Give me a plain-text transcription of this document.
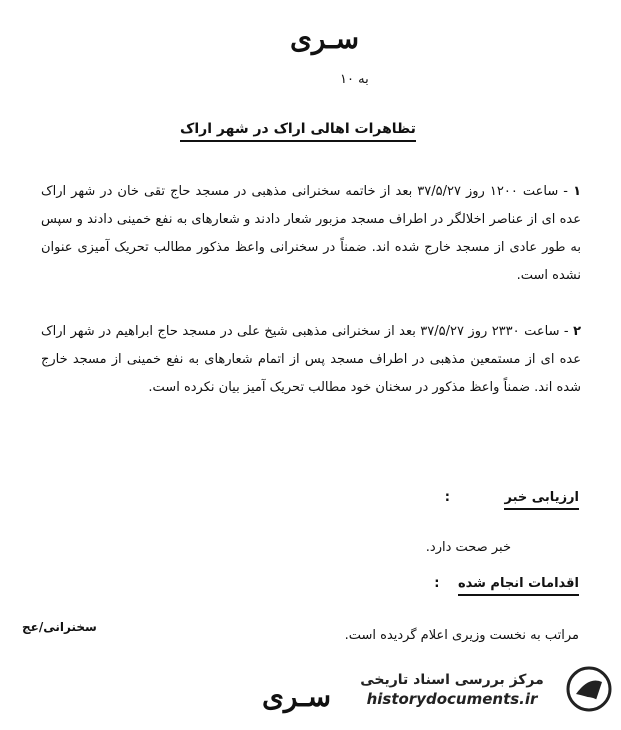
سـری
به ۱۰
تظاهرات اهالی اراک در شهر اراک
۱ - ساعت ۱۲۰۰ روز ۳۷/۵/۲۷ بعد از خاتمه سخنرانی مذهبی در مسجد حاج تقی خان در شهر اراک عده ای از عناصر اخلالگر در اطراف مسجد مزبور شعار دادند و شعارهای به نفع خمینی دادند و سپس به طور عادی از مسجد خارج شده اند. ضمناً در سخنرانی واعظ مذکور مطالب تحریک آمیزی عنوان نشده است.
۲ - ساعت ۲۳۳۰ روز ۳۷/۵/۲۷ بعد از سخنرانی مذهبی شیخ علی در مسجد حاج ابراهیم در شهر اراک عده ای از مستمعین مذهبی در اطراف مسجد پس از اتمام شعارهای به نفع خمینی از مسجد خارج شده اند. ضمناً واعظ مذکور در سخنان خود مطالب تحریک آمیز بیان نکرده است.
ارزیابی خبر :
خبر صحت دارد.
اقدامات انجام شده :
سخنرانی/عج
مراتب به نخست وزیری اعلام گردیده است.
سـری	مرکز بررسی اسناد تاریخی
historydocuments.ir
